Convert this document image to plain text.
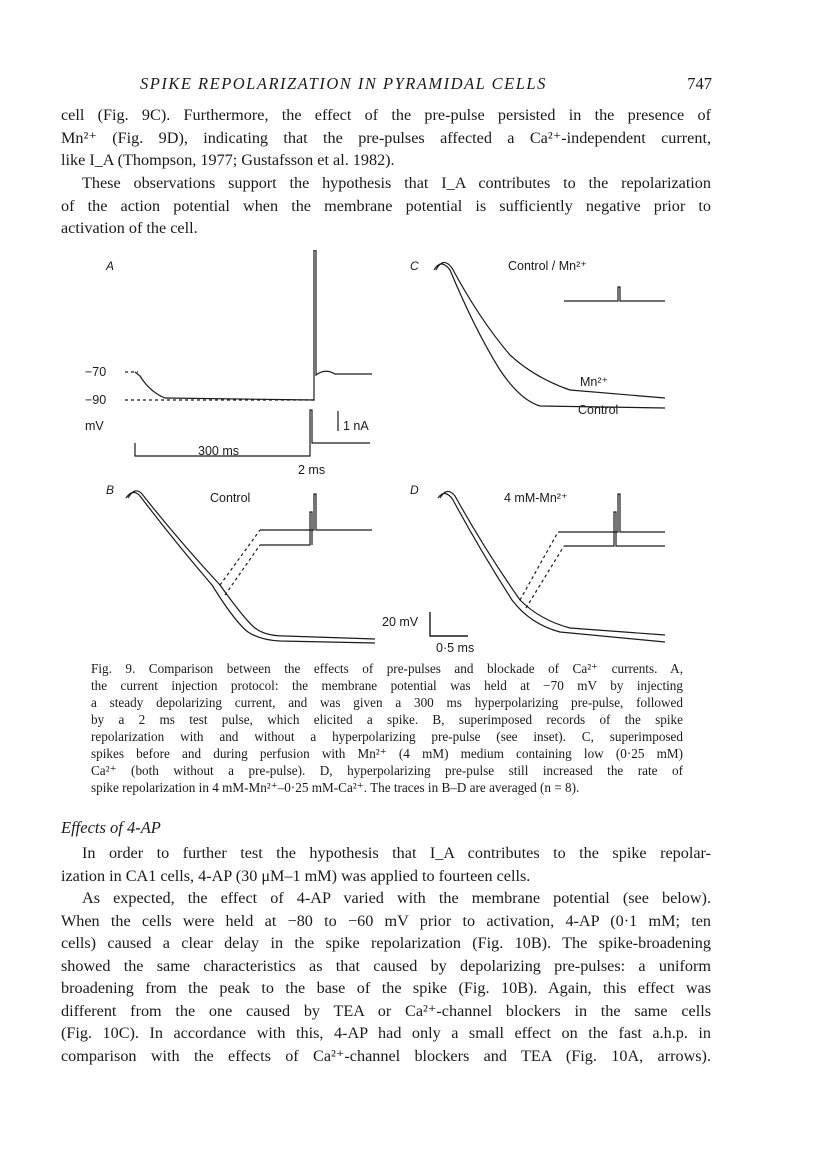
SPIKE REPOLARIZATION IN PYRAMIDAL CELLS	747
cell (Fig. 9C). Furthermore, the effect of the pre-pulse persisted in the presence of
Mn²⁺ (Fig. 9D), indicating that the pre-pulses affected a Ca²⁺-independent current,
like I_A (Thompson, 1977; Gustafsson et al. 1982).
These observations support the hypothesis that I_A contributes to the repolarization
of the action potential when the membrane potential is sufficiently negative prior to
activation of the cell.
A
−70
−90
mV	1 nA
300 ms
2 ms
B
Control
C	Control / Mn²⁺
Mn²⁺
Control
D
4 mM-Mn²⁺
20 mV
0·5 ms
Fig. 9. Comparison between the effects of pre-pulses and blockade of Ca²⁺ currents. A,
the current injection protocol: the membrane potential was held at −70 mV by injecting
a steady depolarizing current, and was given a 300 ms hyperpolarizing pre-pulse, followed
by a 2 ms test pulse, which elicited a spike. B, superimposed records of the spike
repolarization with and without a hyperpolarizing pre-pulse (see inset). C, superimposed
spikes before and during perfusion with Mn²⁺ (4 mM) medium containing low (0·25 mM)
Ca²⁺ (both without a pre-pulse). D, hyperpolarizing pre-pulse still increased the rate of
spike repolarization in 4 mM-Mn²⁺–0·25 mM-Ca²⁺. The traces in B–D are averaged (n = 8).
Effects of 4-AP
In order to further test the hypothesis that I_A contributes to the spike repolar-
ization in CA1 cells, 4-AP (30 μM–1 mM) was applied to fourteen cells.
As expected, the effect of 4-AP varied with the membrane potential (see below).
When the cells were held at −80 to −60 mV prior to activation, 4-AP (0·1 mM; ten
cells) caused a clear delay in the spike repolarization (Fig. 10B). The spike-broadening
showed the same characteristics as that caused by depolarizing pre-pulses: a uniform
broadening from the peak to the base of the spike (Fig. 10B). Again, this effect was
different from the one caused by TEA or Ca²⁺-channel blockers in the same cells
(Fig. 10C). In accordance with this, 4-AP had only a small effect on the fast a.h.p. in
comparison with the effects of Ca²⁺-channel blockers and TEA (Fig. 10A, arrows).
